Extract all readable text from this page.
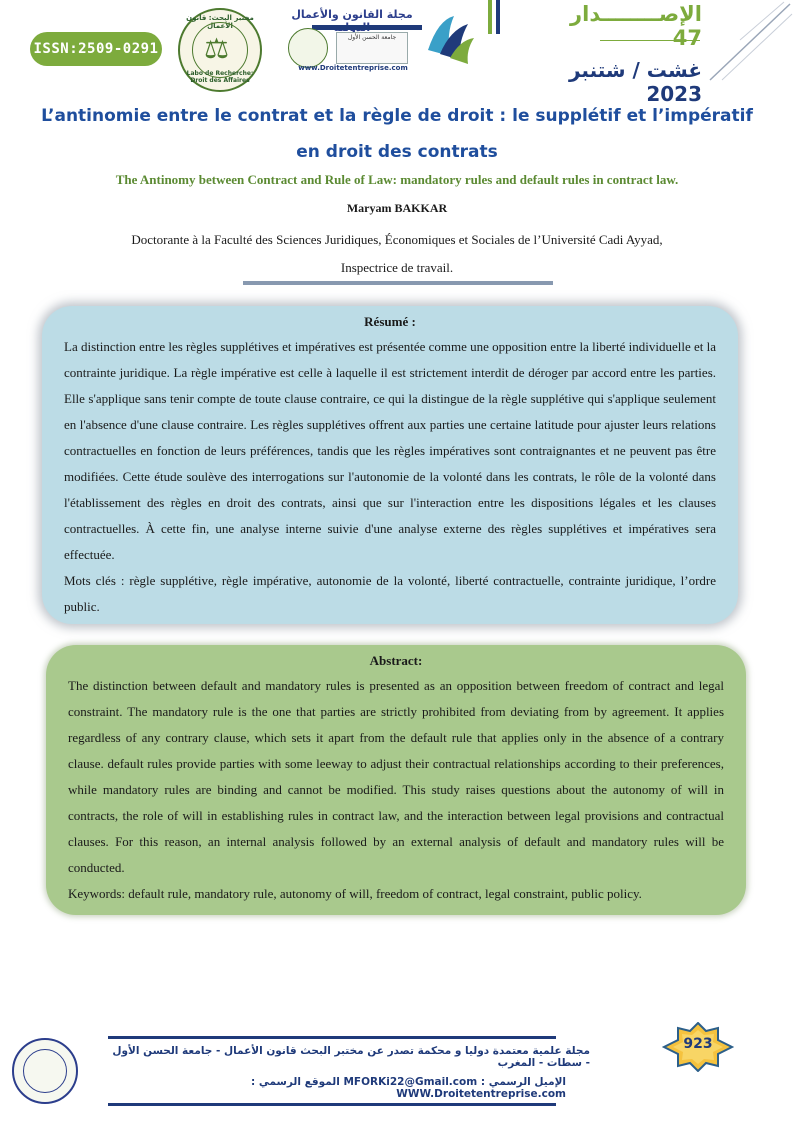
ISSN:2509-0291
مختبر البحث: قانون الأعمال
⚖
Labo de Recherche: Droit des Affaires
مجلة القانون والأعمال
جامعة الحسن الأول
www.Droitetentreprise.com
الإصــــــــدار 47
غشت / شتنبر 2023
L’antinomie entre le contrat et la règle de droit : le supplétif et l’impératif en droit des contrats
The Antinomy between Contract and Rule of Law: mandatory rules and default rules in contract law.
Maryam BAKKAR
Doctorante à la Faculté des Sciences Juridiques, Économiques et Sociales de l’Université Cadi Ayyad,
Inspectrice de travail.
Résumé :

La distinction entre les règles supplétives et impératives est présentée comme une opposition entre la liberté individuelle et la contrainte juridique. La règle impérative est celle à laquelle il est strictement interdit de déroger par accord entre les parties. Elle s'applique sans tenir compte de toute clause contraire, ce qui la distingue de la règle supplétive qui s'applique seulement en l'absence d'une clause contraire. Les règles supplétives offrent aux parties une certaine latitude pour ajuster leurs relations contractuelles en fonction de leurs préférences, tandis que les règles impératives sont contraignantes et ne peuvent pas être modifiées. Cette étude soulève des interrogations sur l'autonomie de la volonté dans les contrats, le rôle de la volonté dans l'établissement des règles en droit des contrats, ainsi que sur l'interaction entre les dispositions légales et les clauses contractuelles. À cette fin, une analyse interne suivie d'une analyse externe des règles supplétives et impératives sera effectuée.

Mots clés : règle supplétive, règle impérative, autonomie de la volonté, liberté contractuelle, contrainte juridique, l’ordre public.

Abstract:

The distinction between default and mandatory rules is presented as an opposition between freedom of contract and legal constraint. The mandatory rule is the one that parties are strictly prohibited from deviating from by agreement. It applies regardless of any contrary clause, which sets it apart from the default rule that applies only in the absence of a contrary clause. default rules provide parties with some leeway to adjust their contractual relationships according to their preferences, while mandatory rules are binding and cannot be modified. This study raises questions about the autonomy of will in contracts, the role of will in establishing rules in contract law, and the interaction between legal provisions and contractual clauses. For this reason, an internal analysis followed by an external analysis of default and mandatory rules will be conducted.

Keywords: default rule, mandatory rule, autonomy of will, freedom of contract, legal constraint, public policy.

مجلة علمية معتمدة دوليا و محكمة تصدر عن مختبر البحث قانون الأعمال - جامعة الحسن الأول - سطات - المغرب
الإميل الرسمي : MFORKi22@Gmail.com الموقع الرسمي : WWW.Droitetentreprise.com
923
